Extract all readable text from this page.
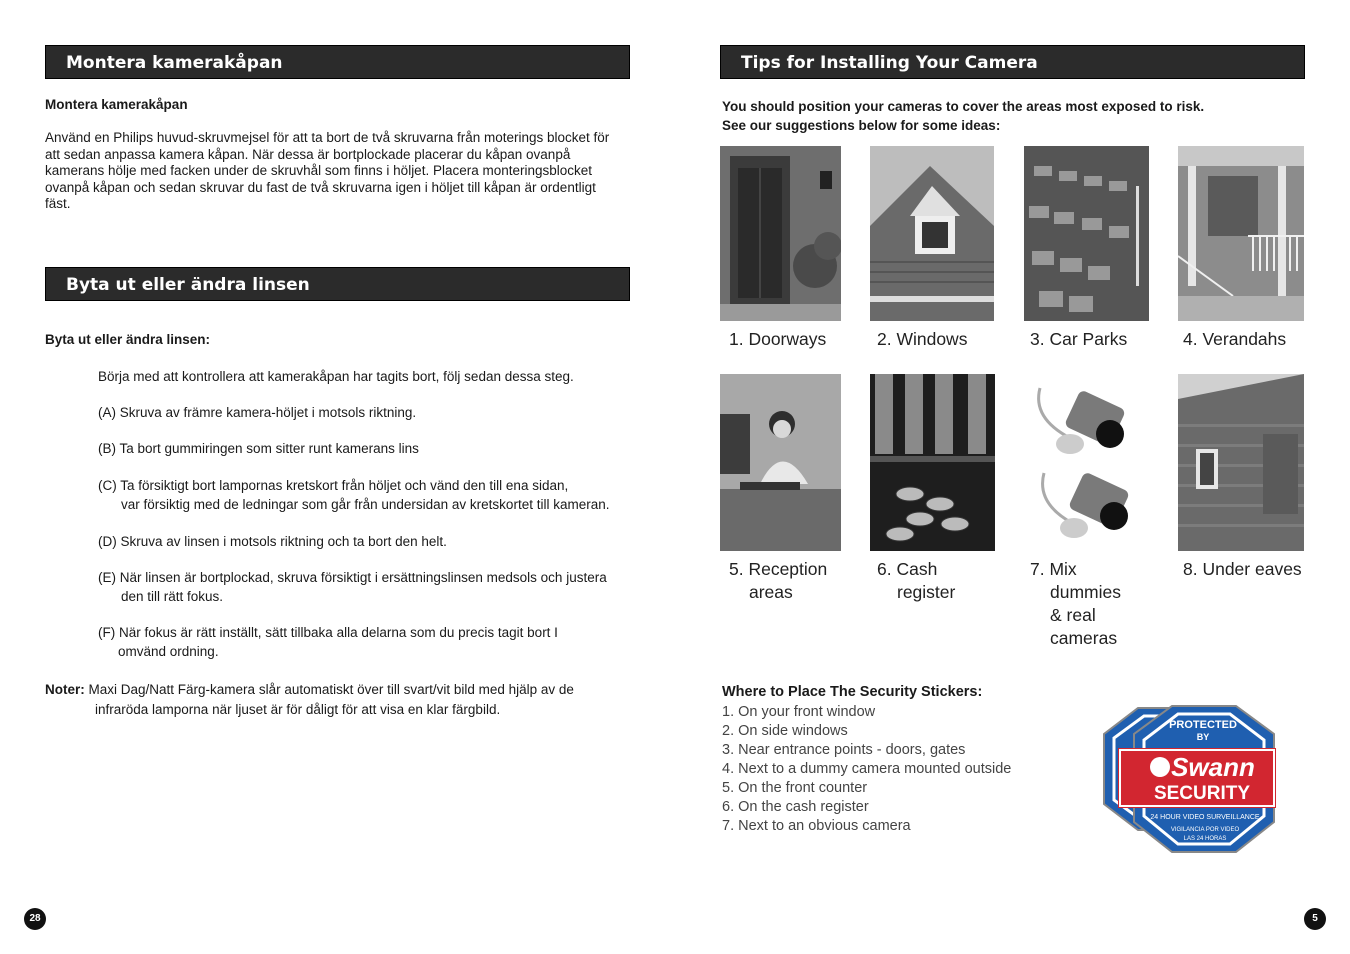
Montera kamerakåpan
Montera kamerakåpan
Använd en Philips huvud-skruvmejsel för att ta bort de två skruvarna från moterings blocket för att sedan anpassa kamera kåpan. När dessa är bortplockade placerar du kåpan ovanpå kamerans hölje med facken under de skruvhål som finns i höljet. Placera monteringsblocket ovanpå kåpan och sedan skruvar du fast de två skruvarna igen i höljet till kåpan är ordentligt fäst.
Byta ut eller ändra linsen
Byta ut eller ändra linsen:
Börja med att kontrollera att kamerakåpan har tagits bort, följ sedan dessa steg.
(A) Skruva av främre kamera-höljet i motsols riktning.
(B) Ta bort gummiringen som sitter runt kamerans lins
(C) Ta försiktigt bort lampornas kretskort från höljet och vänd den till ena sidan,
var försiktig med de ledningar som går från undersidan av kretskortet till kameran.
(D) Skruva av linsen i motsols riktning och ta bort den helt.
(E) När linsen är bortplockad, skruva försiktigt i ersättningslinsen medsols och justera
den till rätt fokus.
(F) När fokus är rätt inställt, sätt tillbaka alla delarna som du precis tagit bort I
omvänd ordning.
Noter: Maxi Dag/Natt Färg-kamera slår automatiskt över till svart/vit bild med hjälp av de
infraröda lamporna när ljuset är för dåligt för att visa en klar färgbild.
28
Tips for Installing Your Camera
You should position your cameras to cover the areas most exposed to risk.
See our suggestions below for some ideas:
1. Doorways	2. Windows	3. Car Parks	4. Verandahs
5. Reception
areas
6. Cash
register
7. Mix
dummies
& real
cameras
8. Under eaves
Where to Place The Security Stickers:
1. On your front window
2. On side windows
3. Near entrance points - doors, gates
4. Next to a dummy camera mounted outside
5. On the front counter
6. On the cash register
7. Next to an obvious camera
PROTECTED
BY
Swann
SECURITY
24 HOUR VIDEO SURVEILLANCE
VIGILANCIA POR VIDEO
LAS 24 HORAS
5
